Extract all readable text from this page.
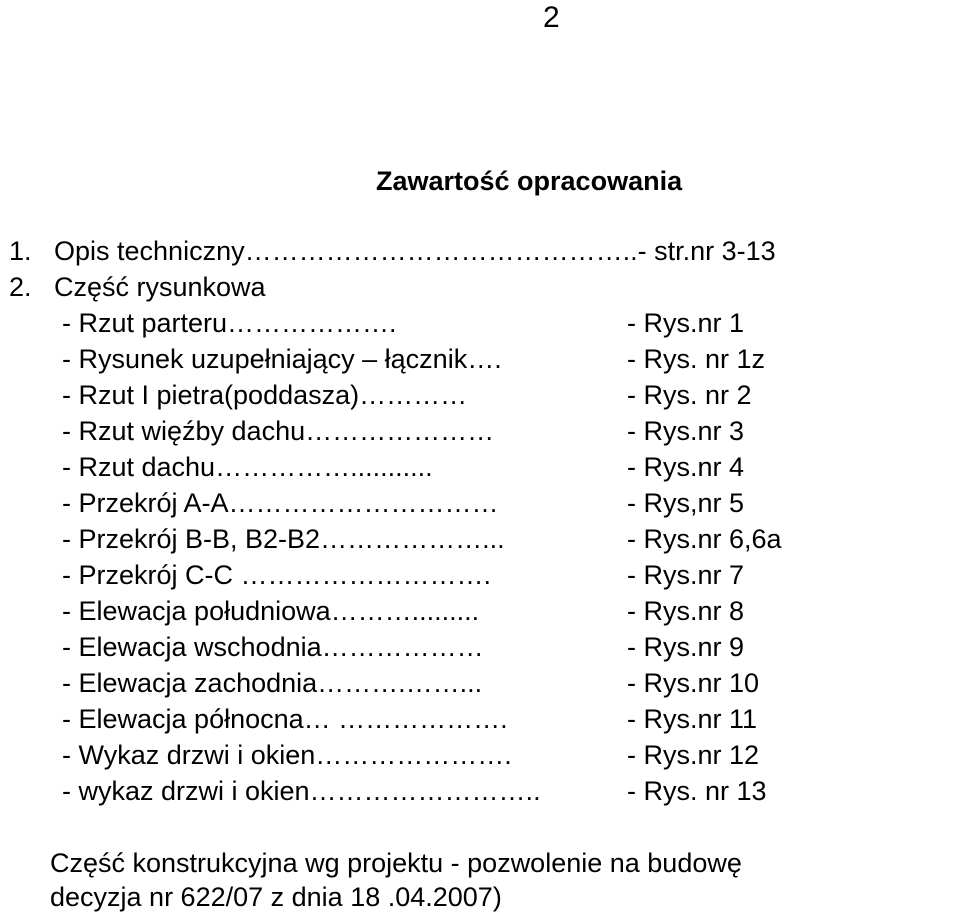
2
Zawartość opracowania
1. Opis techniczny……………………………………..- str.nr 3-13
2. Część rysunkowa
- Rzut parteru……………….	- Rys.nr 1
- Rysunek uzupełniający – łącznik….	- Rys. nr 1z
- Rzut I pietra(poddasza)…………	- Rys. nr 2
- Rzut więźby dachu…………………	- Rys.nr 3
- Rzut dachu……………...........	- Rys.nr 4
- Przekrój A-A…………………………	- Rys,nr 5
- Przekrój B-B, B2-B2………………...	- Rys.nr 6,6a
- Przekrój C-C ……………………….	- Rys.nr 7
- Elewacja południowa……….........	- Rys.nr 8
- Elewacja wschodnia………………	- Rys.nr 9
- Elewacja zachodnia……….……...	- Rys.nr 10
- Elewacja północna… ……………….	- Rys.nr 11
- Wykaz drzwi i okien………………….	- Rys.nr 12
- wykaz drzwi i okien……………………..	- Rys. nr 13
Część konstrukcyjna wg projektu - pozwolenie na budowę
decyzja nr 622/07 z dnia 18 .04.2007)
